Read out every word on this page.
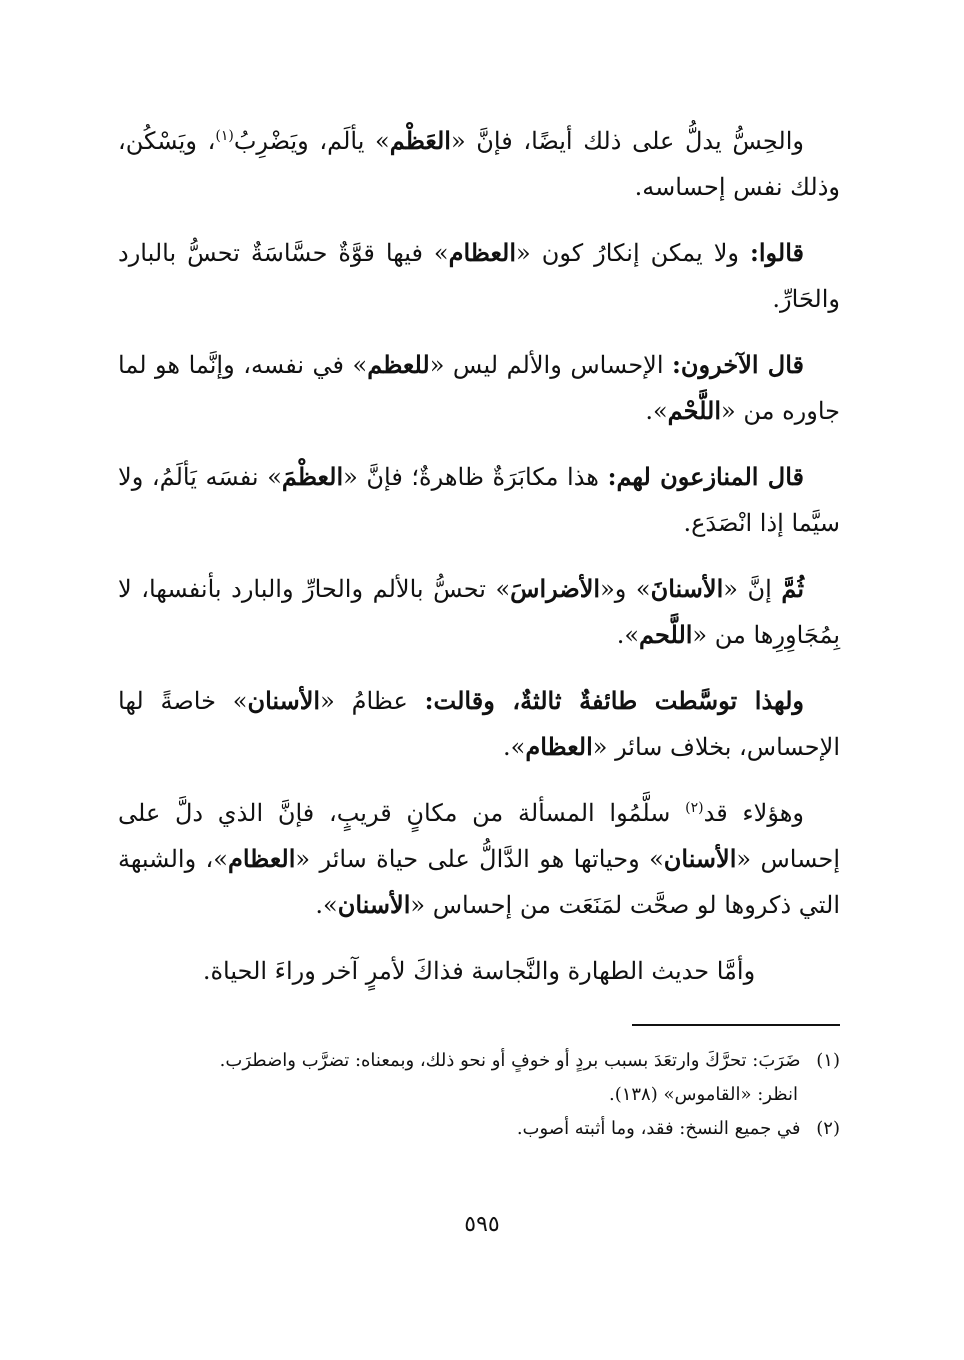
والحِسُّ يدلُّ على ذلك أيضًا، فإنَّ «العَظْم» يألَم، ويَضْرِبُ$^{(١)}$، ويَسْكُن، وذلك نفس إحساسه.

قالوا: ولا يمكن إنكارُ كون «العظام» فيها قوَّةٌ حسَّاسَةٌ تحسُّ بالبارد والحَارِّ.

قال الآخرون: الإحساس والألم ليس «للعظم» في نفسه، وإنَّما هو لما جاوره من «اللَّحْم».

قال المنازعون لهم: هذا مكابَرَةٌ ظاهرةٌ؛ فإنَّ «العظْمَ» نفسَه يَألَمُ، ولا سيَّما إذا انْصَدَع.

ثُمَّ إنَّ «الأسنانَ» و«الأضراسَ» تحسُّ بالألم والحارِّ والبارد بأنفسها، لا بِمُجَاوِرِها من «اللَّحم».

ولهذا توسَّطت طائفةٌ ثالثةٌ، وقالت: عظامُ «الأسنان» خاصةً لها الإحساس، بخلاف سائر «العظام».

وهؤلاء قد$^{(٢)}$ سلَّمُوا المسألة من مكانٍ قريبٍ، فإنَّ الذي دلَّ على إحساس «الأسنان» وحياتها هو الدَّالُّ على حياة سائر «العظام»، والشبهة التي ذكروها لو صحَّت لمَنَعَت من إحساس «الأسنان».

وأمَّا حديث الطهارة والنَّجاسة فذاكَ لأمرٍ آخر وراءَ الحياة.

(١) ضَرَبَ: تحرَّكَ وارتعَدَ بسبب بردٍ أو خوفٍ أو نحو ذلك، وبمعناه: تضرَّب واضطرَب.

انظر: «القاموس» (١٣٨).

(٢) في جميع النسخ: فقد، وما أثبته أصوب.

٥٩٥
